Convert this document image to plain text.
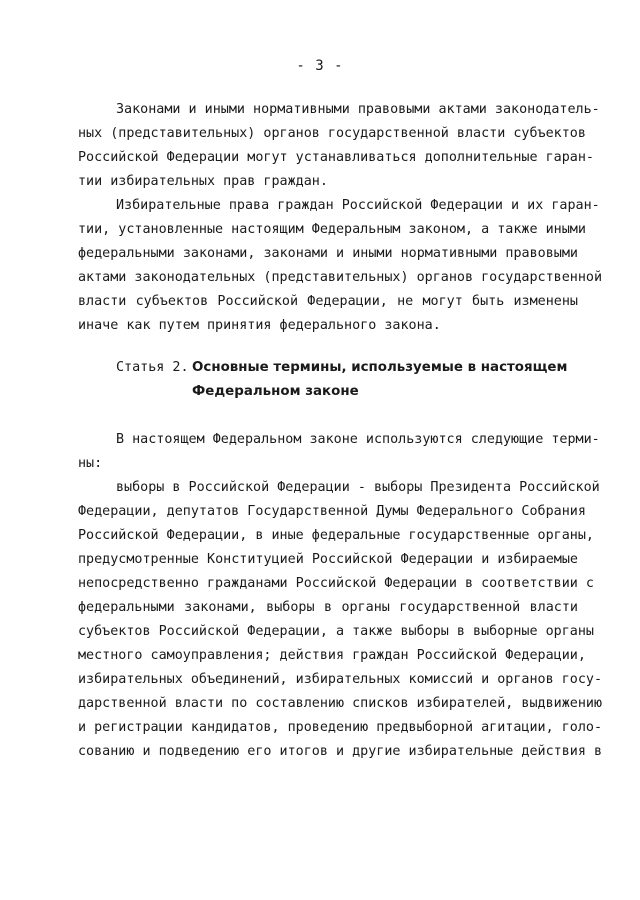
- 3 -
Законами и иными нормативными правовыми актами законодатель-
ных (представительных) органов государственной власти субъектов
Российской Федерации могут устанавливаться дополнительные гаран-
тии избирательных прав граждан.
Избирательные права граждан Российской Федерации и их гаран-
тии, установленные настоящим Федеральным законом, а также иными
федеральными законами, законами и иными нормативными правовыми
актами законодательных (представительных) органов государственной
власти субъектов Российской Федерации, не могут быть изменены
иначе как путем принятия федерального закона.
Статья 2. Основные термины, используемые в настоящем
Федеральном законе
В настоящем Федеральном законе используются следующие терми-
ны:
выборы в Российской Федерации - выборы Президента Российской
Федерации, депутатов Государственной Думы Федерального Собрания
Российской Федерации, в иные федеральные государственные органы,
предусмотренные Конституцией Российской Федерации и избираемые
непосредственно гражданами Российской Федерации в соответствии с
федеральными законами, выборы в органы государственной власти
субъектов Российской Федерации, а также выборы в выборные органы
местного самоуправления; действия граждан Российской Федерации,
избирательных объединений, избирательных комиссий и органов госу-
дарственной власти по составлению списков избирателей, выдвижению
и регистрации кандидатов, проведению предвыборной агитации, голо-
сованию и подведению его итогов и другие избирательные действия в
